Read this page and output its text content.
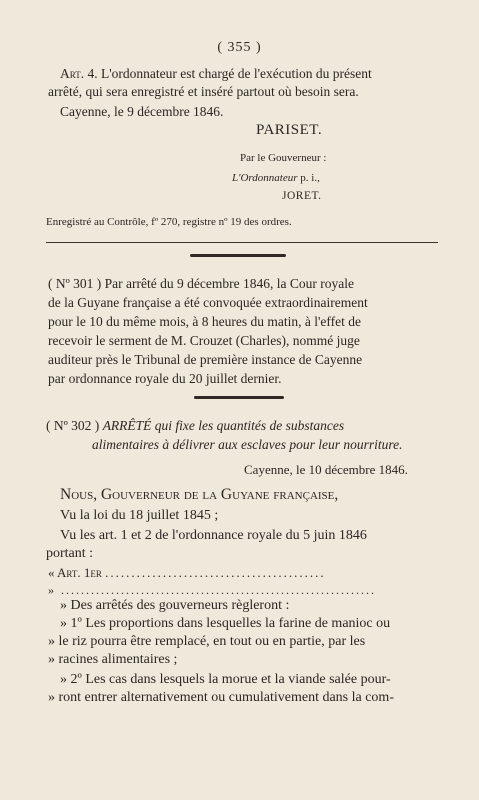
( 355 )
Art. 4. L'ordonnateur est chargé de l'exécution du présent
arrêté, qui sera enregistré et inséré partout où besoin sera.
Cayenne, le 9 décembre 1846.
PARISET.
Par le Gouverneur :
L'Ordonnateur p. i.,
JORET.
Enregistré au Contrôle, fº 270, registre nº 19 des ordres.
( Nº 301 ) Par arrêté du 9 décembre 1846, la Cour royale
de la Guyane française a été convoquée extraordinairement
pour le 10 du même mois, à 8 heures du matin, à l'effet de
recevoir le serment de M. Crouzet (Charles), nommé juge
auditeur près le Tribunal de première instance de Cayenne
par ordonnance royale du 20 juillet dernier.
( Nº 302 ) ARRÊTÉ qui fixe les quantités de substances
alimentaires à délivrer aux esclaves pour leur nourriture.
Cayenne, le 10 décembre 1846.
Nous, Gouverneur de la Guyane française,
Vu la loi du 18 juillet 1845 ;
Vu les art. 1 et 2 de l'ordonnance royale du 5 juin 1846
portant :
« Art. 1er ..........................................
» ...............................................................
» Des arrêtés des gouverneurs règleront :
» 1º Les proportions dans lesquelles la farine de manioc ou
» le riz pourra être remplacé, en tout ou en partie, par les
» racines alimentaires ;
» 2º Les cas dans lesquels la morue et la viande salée pour-
» ront entrer alternativement ou cumulativement dans la com-
